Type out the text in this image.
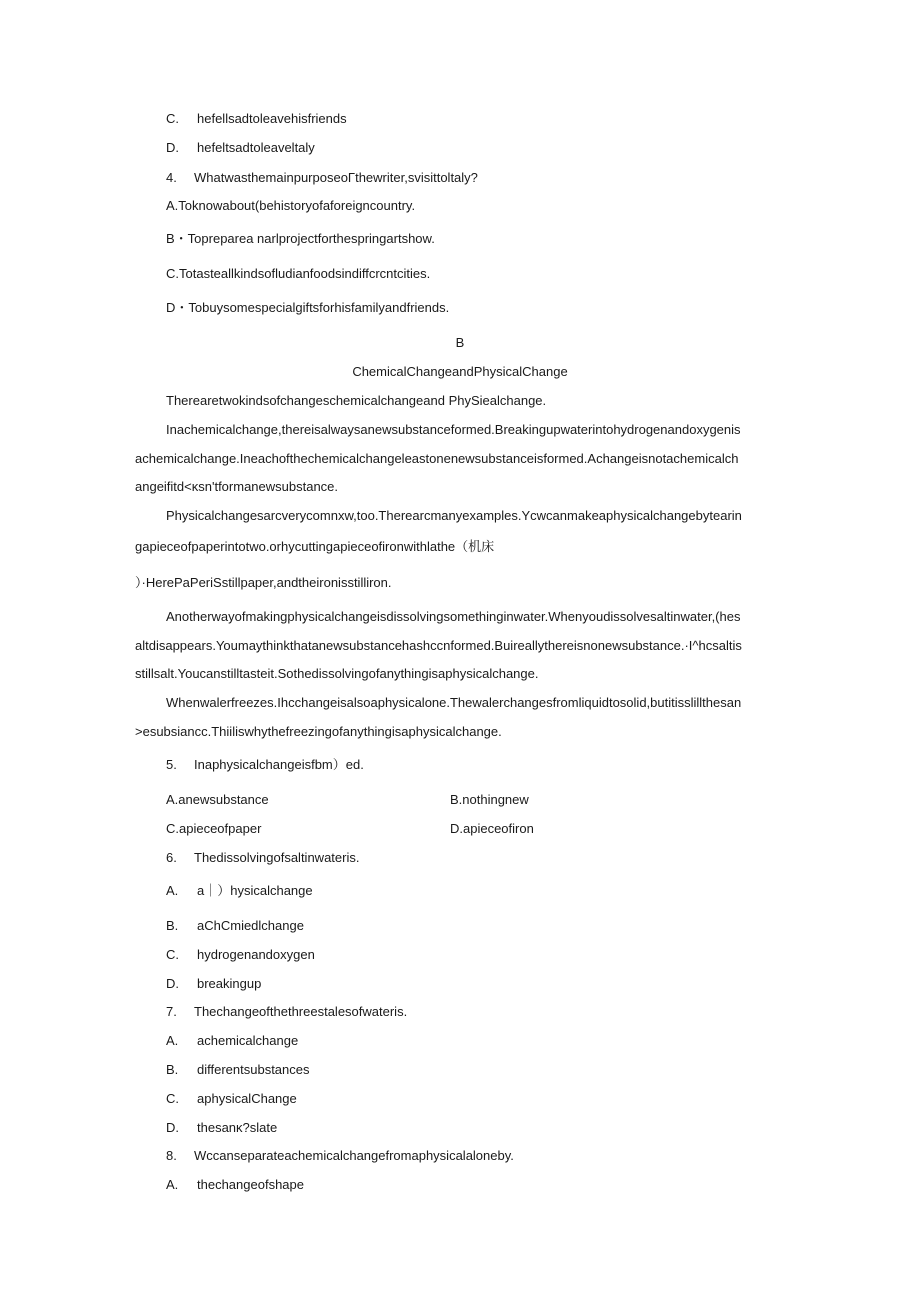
C. hefellsadtoleavehisfriends
D. hefeltsadtoleaveltaly
4. WhatwasthemainpurposeoΓthewriter,svisittoltaly?
A.Toknowabout(behistoryofaforeigncountry.
B・Topreparea narlprojectforthespringartshow.
C.Totasteallkindsofludianfoodsindiffcrcntcities.
D・Tobuysomespecialgiftsforhisfamilyandfriends.
B
ChemicalChangeandPhysicalChange
Therearetwokindsofchangeschemicalchangeand PhySiealchange.
Inachemicalchange,thereisalwaysanewsubstanceformed.Breakingupwaterintohydrogenandoxygenis
achemicalchange.Ineachofthechemicalchangeleastonenewsubstanceisformed.Achangeisnotachemicalch
angeifitd<κsn'tformanewsubstance.
Physicalchangesarcverycomnxw,too.Therearcmanyexamples.Ycwcanmakeaphysicalchangebytearin
gapieceofpaperintotwo.orhycuttingapieceofironwithlathe（机床
）·HerePaPeriSstillpaper,andtheironisstilliron.
Anotherwayofmakingphysicalchangeisdissolvingsomethinginwater.Whenyoudissolvesaltinwater,(hes
altdisappears.Youmaythinkthatanewsubstancehashccnformed.Buireallythereisnonewsubstance.·I^hcsaltis
stillsalt.Youcanstilltasteit.Sothedissolvingofanythingisaphysicalchange.
Whenwalerfreezes.Ihcchangeisalsoaphysicalone.Thewalerchangesfromliquidtosolid,butitisslillthesan
>esubsiancc.Thiiliswhythefreezingofanythingisaphysicalchange.
5. Inaphysicalchangeisfbm）ed.
A.anewsubstance	B.nothingnew
C.apieceofpaper	D.apieceofiron
6. Thedissolvingofsaltinwateris.
A. a｜）hysicalchange
B. aChCmiedlchange
C. hydrogenandoxygen
D. breakingup
7. Thechangeofthethreestalesofwateris.
A. achemicalchange
B. differentsubstances
C. aphysicalChange
D. thesanκ?slate
8. Wccanseparateachemicalchangefromaphysicalaloneby.
A. thechangeofshape
